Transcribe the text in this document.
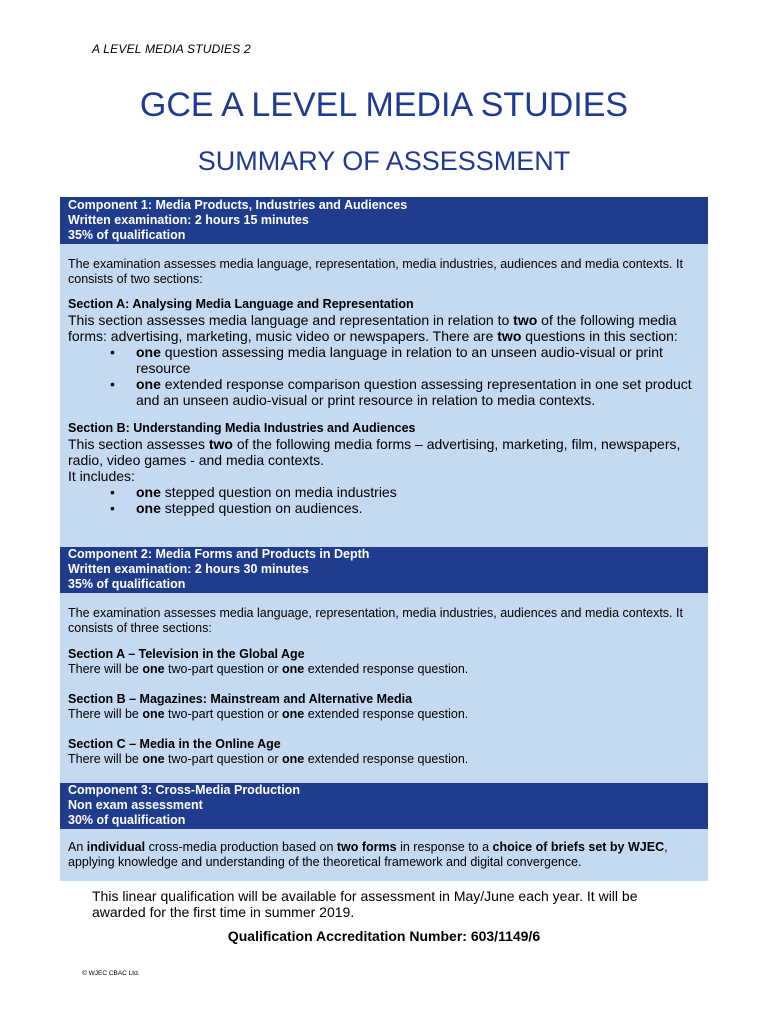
A LEVEL MEDIA STUDIES 2
GCE A LEVEL MEDIA STUDIES
SUMMARY OF ASSESSMENT
Component 1: Media Products, Industries and Audiences
Written examination: 2 hours 15 minutes
35% of qualification
The examination assesses media language, representation, media industries, audiences and media contexts. It consists of two sections:
Section A: Analysing Media Language and Representation
This section assesses media language and representation in relation to two of the following media forms: advertising, marketing, music video or newspapers. There are two questions in this section:
• one question assessing media language in relation to an unseen audio-visual or print resource
• one extended response comparison question assessing representation in one set product and an unseen audio-visual or print resource in relation to media contexts.
Section B: Understanding Media Industries and Audiences
This section assesses two of the following media forms – advertising, marketing, film, newspapers, radio, video games - and media contexts.
It includes:
• one stepped question on media industries
• one stepped question on audiences.
Component 2: Media Forms and Products in Depth
Written examination: 2 hours 30 minutes
35% of qualification
The examination assesses media language, representation, media industries, audiences and media contexts. It consists of three sections:
Section A – Television in the Global Age
There will be one two-part question or one extended response question.
Section B – Magazines: Mainstream and Alternative Media
There will be one two-part question or one extended response question.
Section C – Media in the Online Age
There will be one two-part question or one extended response question.
Component 3: Cross-Media Production
Non exam assessment
30% of qualification
An individual cross-media production based on two forms in response to a choice of briefs set by WJEC, applying knowledge and understanding of the theoretical framework and digital convergence.
This linear qualification will be available for assessment in May/June each year. It will be awarded for the first time in summer 2019.
Qualification Accreditation Number: 603/1149/6
© WJEC CBAC Ltd.
